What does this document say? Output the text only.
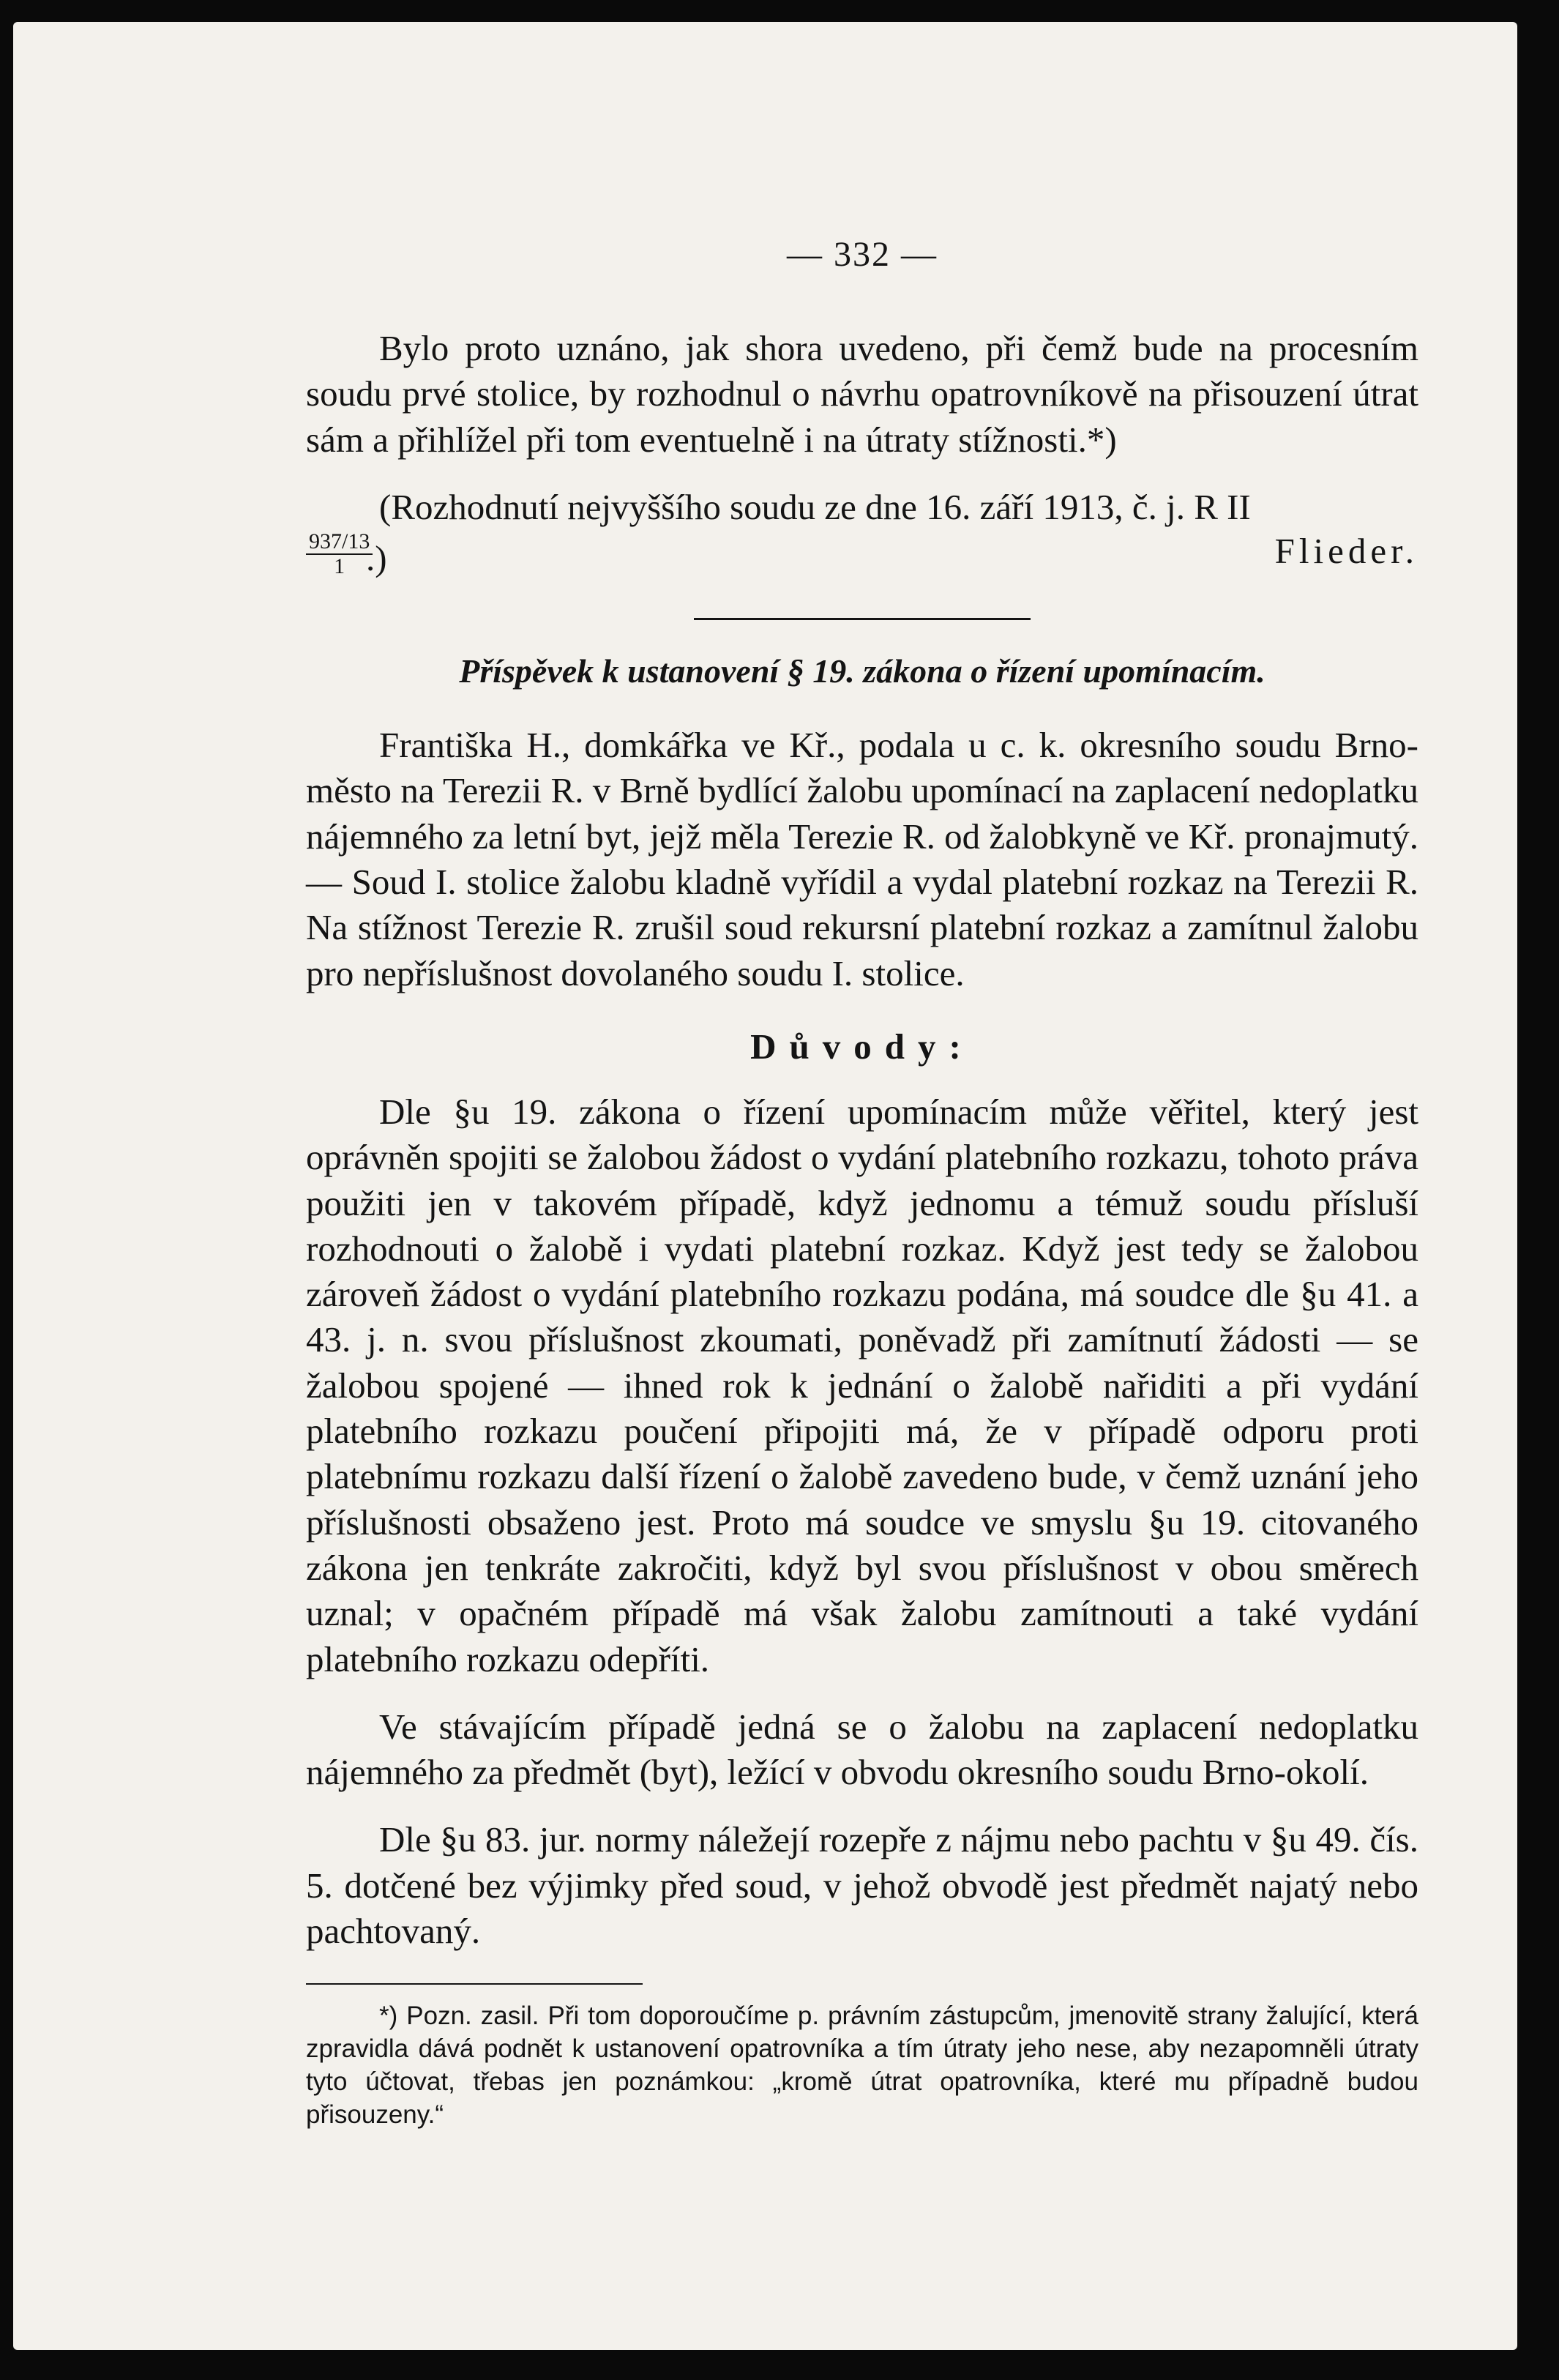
— 332 —

Bylo proto uznáno, jak shora uvedeno, při čemž bude na procesním soudu prvé stolice, by rozhodnul o návrhu opatrovníkově na přisouzení útrat sám a přihlížel při tom eventuelně i na útraty stížnosti.*)

(Rozhodnutí nejvyššího soudu ze dne 16. září 1913, č. j. R II

$\frac{937/13}{1}$
.)	Flieder.
Příspěvek k ustanovení § 19. zákona o řízení upomínacím.

Františka H., domkářka ve Kř., podala u c. k. okresního soudu Brno-město na Terezii R. v Brně bydlící žalobu upomínací na zaplacení nedoplatku nájemného za letní byt, jejž měla Terezie R. od žalobkyně ve Kř. pronajmutý. — Soud I. stolice žalobu kladně vyřídil a vydal platební rozkaz na Terezii R. Na stížnost Terezie R. zrušil soud rekursní platební rozkaz a zamítnul žalobu pro nepříslušnost dovolaného soudu I. stolice.

Důvody:

Dle §u 19. zákona o řízení upomínacím může věřitel, který jest oprávněn spojiti se žalobou žádost o vydání platebního rozkazu, tohoto práva použiti jen v takovém případě, když jednomu a témuž soudu přísluší rozhodnouti o žalobě i vydati platební rozkaz. Když jest tedy se žalobou zároveň žádost o vydání platebního rozkazu podána, má soudce dle §u 41. a 43. j. n. svou příslušnost zkoumati, poněvadž při zamítnutí žádosti — se žalobou spojené — ihned rok k jednání o žalobě nařiditi a při vydání platebního rozkazu poučení připojiti má, že v případě odporu proti platebnímu rozkazu další řízení o žalobě zavedeno bude, v čemž uznání jeho příslušnosti obsaženo jest. Proto má soudce ve smyslu §u 19. citovaného zákona jen tenkráte zakročiti, když byl svou příslušnost v obou směrech uznal; v opačném případě má však žalobu zamítnouti a také vydání platebního rozkazu odepříti.

Ve stávajícím případě jedná se o žalobu na zaplacení nedoplatku nájemného za předmět (byt), ležící v obvodu okresního soudu Brno-okolí.

Dle §u 83. jur. normy náležejí rozepře z nájmu nebo pachtu v §u 49. čís. 5. dotčené bez výjimky před soud, v jehož obvodě jest předmět najatý nebo pachtovaný.

*) Pozn. zasil. Při tom doporoučíme p. právním zástupcům, jmenovitě strany žalující, která zpravidla dává podnět k ustanovení opatrovníka a tím útraty jeho nese, aby nezapomněli útraty tyto účtovat, třebas jen poznámkou: „kromě útrat opatrovníka, které mu případně budou přisouzeny.“
